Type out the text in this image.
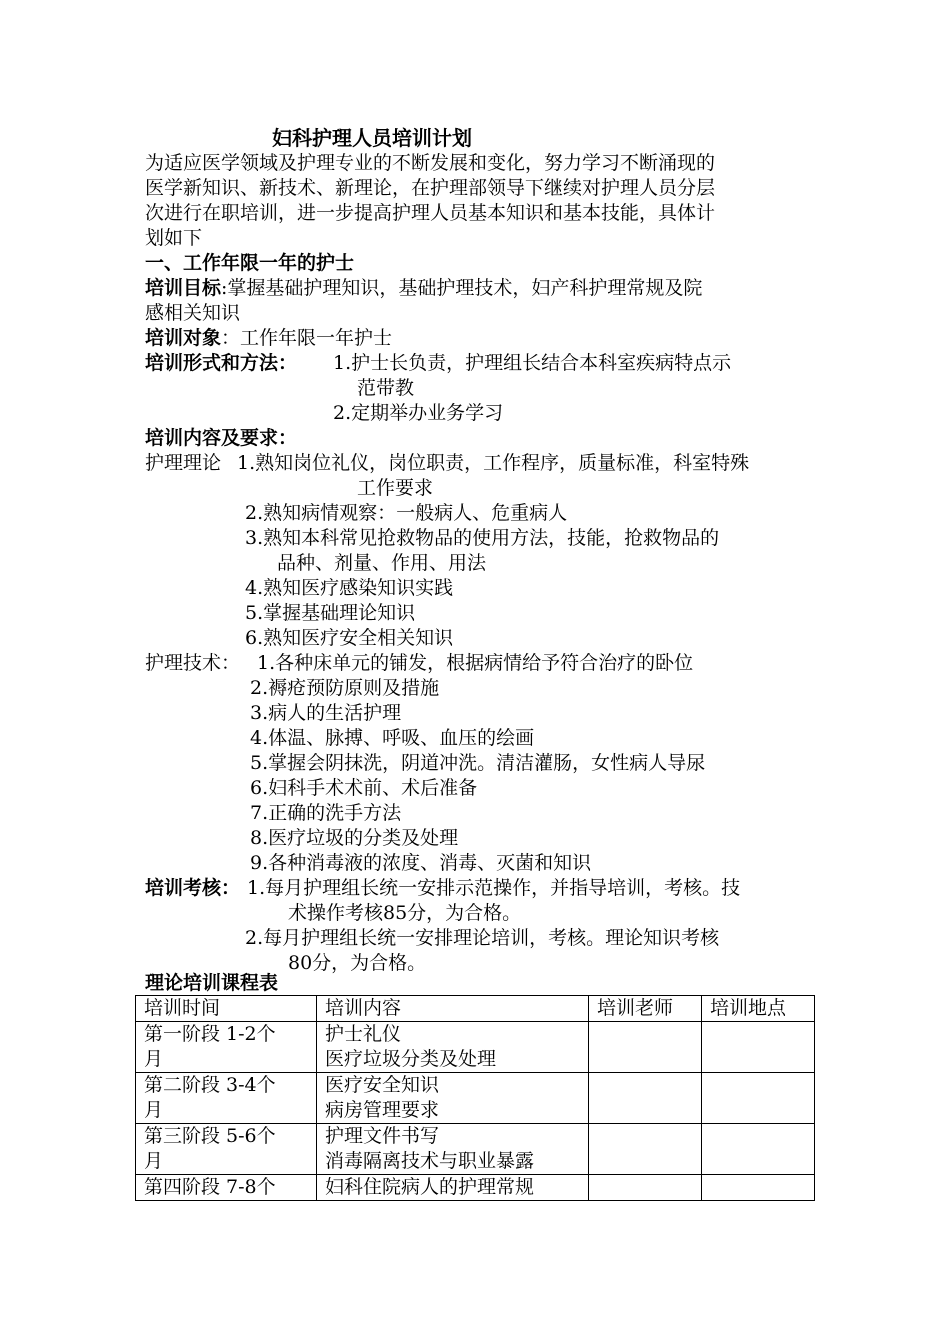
妇科护理人员培训计划
为适应医学领域及护理专业的不断发展和变化，努力学习不断涌现的
医学新知识、新技术、新理论，在护理部领导下继续对护理人员分层
次进行在职培训，进一步提高护理人员基本知识和基本技能，具体计
划如下
一、工作年限一年的护士
培训目标:掌握基础护理知识，基础护理技术，妇产科护理常规及院
感相关知识
培训对象：工作年限一年护士
培训形式和方法： 1.护士长负责，护理组长结合本科室疾病特点示
范带教
2.定期举办业务学习
培训内容及要求：
护理理论 1.熟知岗位礼仪，岗位职责，工作程序，质量标准，科室特殊
工作要求
2.熟知病情观察：一般病人、危重病人
3.熟知本科常见抢救物品的使用方法，技能，抢救物品的
品种、剂量、作用、用法
4.熟知医疗感染知识实践
5.掌握基础理论知识
6.熟知医疗安全相关知识
护理技术： 1.各种床单元的铺发，根据病情给予符合治疗的卧位
2.褥疮预防原则及措施
3.病人的生活护理
4.体温、脉搏、呼吸、血压的绘画
5.掌握会阴抹洗，阴道冲洗。清洁灌肠，女性病人导尿
6.妇科手术术前、术后准备
7.正确的洗手方法
8.医疗垃圾的分类及处理
9.各种消毒液的浓度、消毒、灭菌和知识
培训考核： 1.每月护理组长统一安排示范操作，并指导培训，考核。技
术操作考核85分，为合格。
2.每月护理组长统一安排理论培训，考核。理论知识考核
80分，为合格。
理论培训课程表
培训时间	培训内容	培训老师	培训地点

第一阶段 1-2个
月	护士礼仪
医疗垃圾分类及处理		

第二阶段 3-4个
月	医疗安全知识
病房管理要求		

第三阶段 5-6个
月	护理文件书写
消毒隔离技术与职业暴露		

第四阶段 7-8个	妇科住院病人的护理常规		
